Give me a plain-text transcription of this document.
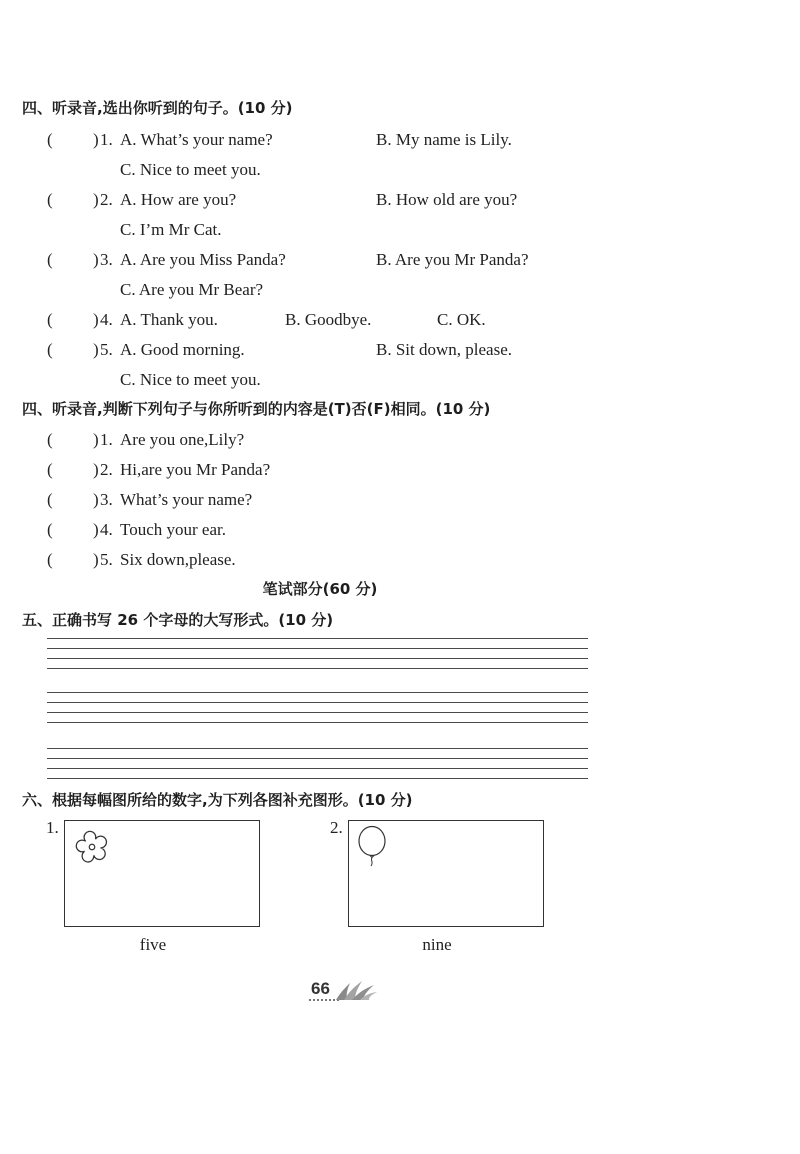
四、听录音,选出你听到的句子。(10 分)
( ) 1. A. What’s your name?	B. My name is Lily.
C. Nice to meet you.
( ) 2. A. How are you?	B. How old are you?
C. I’m Mr Cat.
( ) 3. A. Are you Miss Panda?	B. Are you Mr Panda?
C. Are you Mr Bear?
( ) 4. A. Thank you.	B. Goodbye.	C. OK.
( ) 5. A. Good morning.	B. Sit down, please.
C. Nice to meet you.
四、听录音,判断下列句子与你所听到的内容是(T)否(F)相同。(10 分)
( ) 1. Are you one,Lily?
( ) 2. Hi,are you Mr Panda?
( ) 3. What’s your name?
( ) 4. Touch your ear.
( ) 5. Six down,please.
笔试部分(60 分)
五、正确书写 26 个字母的大写形式。(10 分)
六、根据每幅图所给的数字,为下列各图补充图形。(10 分)
1.
five
2.
nine
66
